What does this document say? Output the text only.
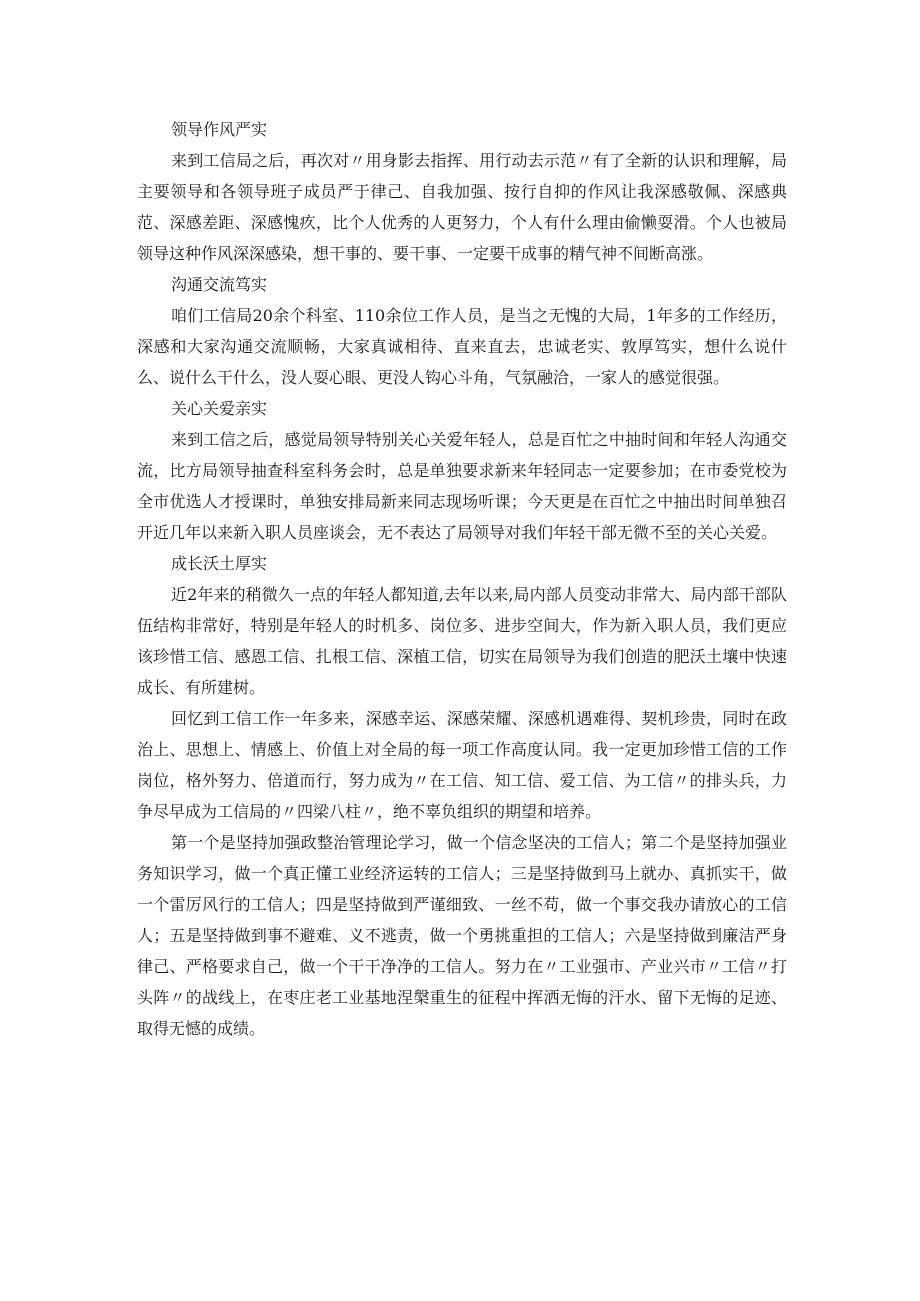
领导作风严实

来到工信局之后，再次对〃用身影去指挥、用行动去示范〃有了全新的认识和理解，局主要领导和各领导班子成员严于律己、自我加强、按行自抑的作风让我深感敬佩、深感典范、深感差距、深感愧疚，比个人优秀的人更努力，个人有什么理由偷懒耍滑。个人也被局领导这种作风深深感染，想干事的、要干事、一定要干成事的精气神不间断高涨。

沟通交流笃实

咱们工信局20余个科室、110余位工作人员，是当之无愧的大局，1年多的工作经历，深感和大家沟通交流顺畅，大家真诚相待、直来直去，忠诚老实、敦厚笃实，想什么说什么、说什么干什么，没人耍心眼、更没人钩心斗角，气氛融洽，一家人的感觉很强。

关心关爱亲实

来到工信之后，感觉局领导特别关心关爱年轻人，总是百忙之中抽时间和年轻人沟通交流，比方局领导抽查科室科务会时，总是单独要求新来年轻同志一定要参加；在市委党校为全市优选人才授课时，单独安排局新来同志现场听课；今天更是在百忙之中抽出时间单独召开近几年以来新入职人员座谈会，无不表达了局领导对我们年轻干部无微不至的关心关爱。

成长沃土厚实

近2年来的稍微久一点的年轻人都知道,去年以来,局内部人员变动非常大、局内部干部队伍结构非常好，特别是年轻人的时机多、岗位多、进步空间大，作为新入职人员，我们更应该珍惜工信、感恩工信、扎根工信、深植工信，切实在局领导为我们创造的肥沃土壤中快速成长、有所建树。

回忆到工信工作一年多来，深感幸运、深感荣耀、深感机遇难得、契机珍贵，同时在政治上、思想上、情感上、价值上对全局的每一项工作高度认同。我一定更加珍惜工信的工作岗位，格外努力、倍道而行，努力成为〃在工信、知工信、爱工信、为工信〃的排头兵，力争尽早成为工信局的〃四梁八柱〃，绝不辜负组织的期望和培养。

第一个是坚持加强政整治管理论学习，做一个信念坚决的工信人；第二个是坚持加强业务知识学习，做一个真正懂工业经济运转的工信人；三是坚持做到马上就办、真抓实干，做一个雷厉风行的工信人；四是坚持做到严谨细致、一丝不苟，做一个事交我办请放心的工信人；五是坚持做到事不避难、义不逃责，做一个勇挑重担的工信人；六是坚持做到廉洁严身律己、严格要求自己，做一个干干净净的工信人。努力在〃工业强市、产业兴市〃工信〃打头阵〃的战线上，在枣庄老工业基地涅槃重生的征程中挥洒无悔的汗水、留下无悔的足迹、取得无憾的成绩。
